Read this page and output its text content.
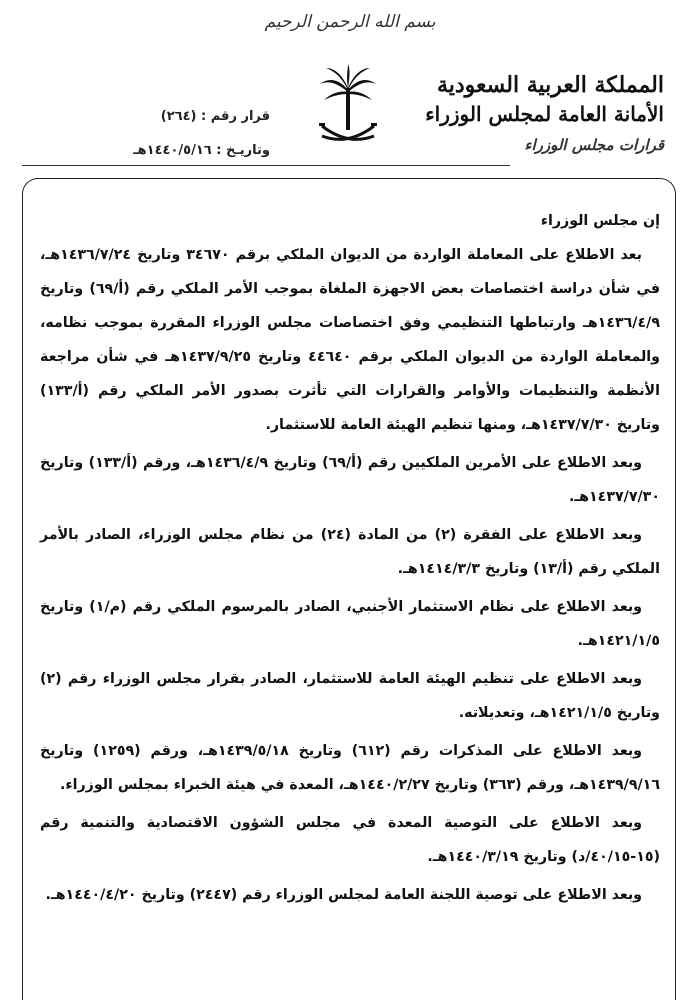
بسم الله الرحمن الرحيم
المملكة العربية السعودية
الأمانة العامة لمجلس الوزراء
قرارات مجلس الوزراء
قرار رقم : (٢٦٤)
وتاريـخ : ١٤٤٠/٥/١٦هـ

إن مجلس الوزراء

بعد الاطلاع على المعاملة الواردة من الديوان الملكي برقم ٣٤٦٧٠ وتاريخ ١٤٣٦/٧/٢٤هـ، في شأن دراسة اختصاصات بعض الاجهزة الملغاة بموجب الأمر الملكي رقم (أ/٦٩) وتاريخ ١٤٣٦/٤/٩هـ وارتباطها التنظيمي وفق اختصاصات مجلس الوزراء المقررة بموجب نظامه، والمعاملة الواردة من الديوان الملكي برقم ٤٤٦٤٠ وتاريخ ١٤٣٧/٩/٢٥هـ في شأن مراجعة الأنظمة والتنظيمات والأوامر والقرارات التي تأثرت بصدور الأمر الملكي رقم (أ/١٣٣) وتاريخ ١٤٣٧/٧/٣٠هـ، ومنها تنظيم الهيئة العامة للاستثمار.

وبعد الاطلاع على الأمرين الملكيين رقم (أ/٦٩) وتاريخ ١٤٣٦/٤/٩هـ، ورقم (أ/١٣٣) وتاريخ ١٤٣٧/٧/٣٠هـ.

وبعد الاطلاع على الفقرة (٢) من المادة (٢٤) من نظام مجلس الوزراء، الصادر بالأمر الملكي رقم (أ/١٣) وتاريخ ١٤١٤/٣/٣هـ.

وبعد الاطلاع على نظام الاستثمار الأجنبي، الصادر بالمرسوم الملكي رقم (م/١) وتاريخ ١٤٢١/١/٥هـ.

وبعد الاطلاع على تنظيم الهيئة العامة للاستثمار، الصادر بقرار مجلس الوزراء رقم (٢) وتاريخ ١٤٢١/١/٥هـ، وتعديلاته.

وبعد الاطلاع على المذكرات رقم (٦١٢) وتاريخ ١٤٣٩/٥/١٨هـ، ورقم (١٢٥٩) وتاريخ ١٤٣٩/٩/١٦هـ، ورقم (٣٦٣) وتاريخ ١٤٤٠/٢/٢٧هـ، المعدة في هيئة الخبراء بمجلس الوزراء.

وبعد الاطلاع على التوصية المعدة في مجلس الشؤون الاقتصادية والتنمية رقم (١٥-٤٠/١٥/د) وتاريخ ١٤٤٠/٣/١٩هـ.

وبعد الاطلاع على توصية اللجنة العامة لمجلس الوزراء رقم (٢٤٤٧) وتاريخ ١٤٤٠/٤/٢٠هـ.
